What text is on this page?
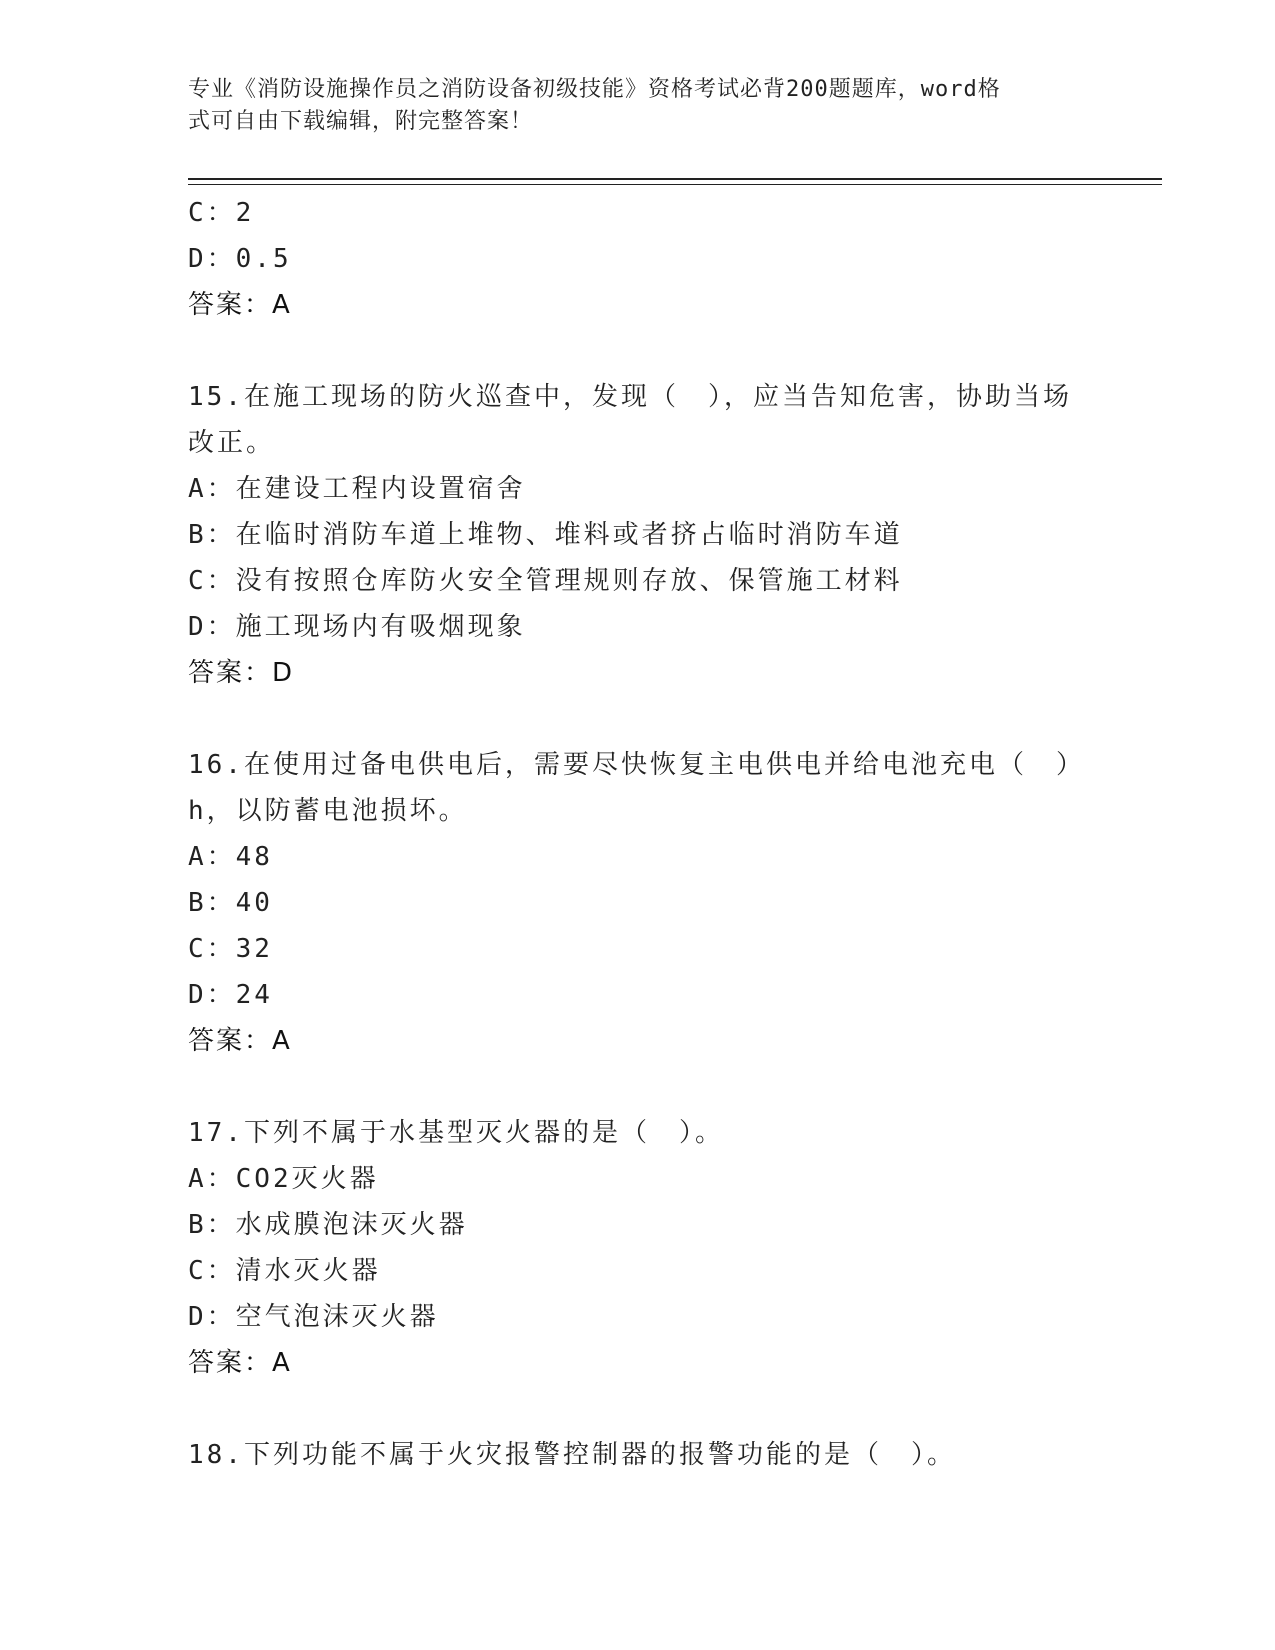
专业《消防设施操作员之消防设备初级技能》资格考试必背200题题库，word格
式可自由下载编辑，附完整答案！
C：2
D：0.5
答案：A
15.在施工现场的防火巡查中，发现（　），应当告知危害，协助当场
改正。
A：在建设工程内设置宿舍
B：在临时消防车道上堆物、堆料或者挤占临时消防车道
C：没有按照仓库防火安全管理规则存放、保管施工材料
D：施工现场内有吸烟现象
答案：D
16.在使用过备电供电后，需要尽快恢复主电供电并给电池充电（　）
h，以防蓄电池损坏。
A：48
B：40
C：32
D：24
答案：A
17.下列不属于水基型灭火器的是（　）。
A：CO2灭火器
B：水成膜泡沫灭火器
C：清水灭火器
D：空气泡沫灭火器
答案：A
18.下列功能不属于火灾报警控制器的报警功能的是（　）。
